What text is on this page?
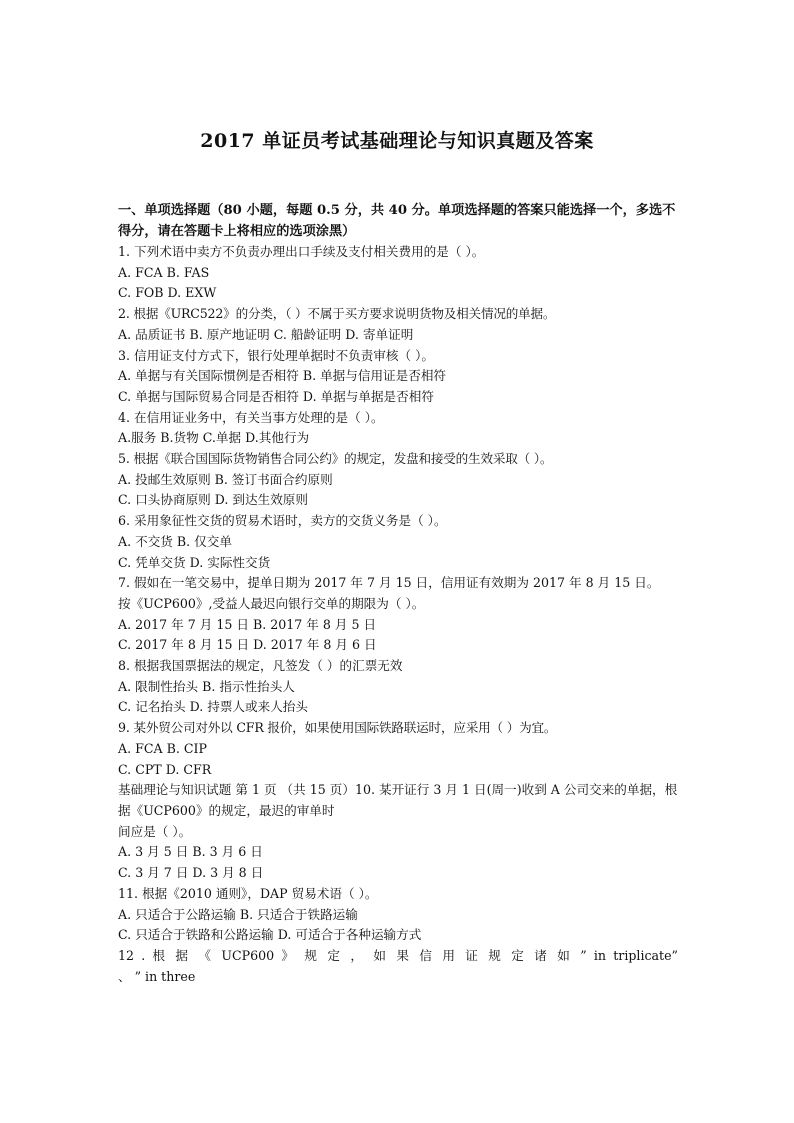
2017 单证员考试基础理论与知识真题及答案

一、单项选择题（80 小题，每题 0.5 分，共 40 分。单项选择题的答案只能选择一个，多选不得分，请在答题卡上将相应的选项涂黑）

1. 下列术语中卖方不负责办理出口手续及支付相关费用的是（ ）。

A. FCA B. FAS

C. FOB D. EXW

2. 根据《URC522》的分类，（ ）不属于买方要求说明货物及相关情况的单据。

A. 品质证书 B. 原产地证明 C. 船龄证明 D. 寄单证明

3. 信用证支付方式下，银行处理单据时不负责审核（ ）。

A. 单据与有关国际惯例是否相符 B. 单据与信用证是否相符

C. 单据与国际贸易合同是否相符 D. 单据与单据是否相符

4. 在信用证业务中，有关当事方处理的是（ ）。

A.服务 B.货物 C.单据 D.其他行为

5. 根据《联合国国际货物销售合同公约》的规定，发盘和接受的生效采取（ ）。

A. 投邮生效原则 B. 签订书面合约原则

C. 口头协商原则 D. 到达生效原则

6. 采用象征性交货的贸易术语时，卖方的交货义务是（ ）。

A. 不交货 B. 仅交单

C. 凭单交货 D. 实际性交货

7. 假如在一笔交易中，提单日期为 2017 年 7 月 15 日，信用证有效期为 2017 年 8 月 15 日。

按《UCP600》,受益人最迟向银行交单的期限为（ ）。

A. 2017 年 7 月 15 日 B. 2017 年 8 月 5 日

C. 2017 年 8 月 15 日 D. 2017 年 8 月 6 日

8. 根据我国票据法的规定，凡签发（ ）的汇票无效

A. 限制性抬头 B. 指示性抬头人

C. 记名抬头 D. 持票人或来人抬头

9. 某外贸公司对外以 CFR 报价，如果使用国际铁路联运时，应采用（ ）为宜。

A. FCA B. CIP

C. CPT D. CFR

基础理论与知识试题 第 1 页 （共 15 页）10. 某开证行 3 月 1 日(周一)收到 A 公司交来的单据，根据《UCP600》的规定，最迟的审单时

间应是（ ）。

A. 3 月 5 日 B. 3 月 6 日

C. 3 月 7 日 D. 3 月 8 日

11. 根据《2010 通则》，DAP 贸易术语（ ）。

A. 只适合于公路运输 B. 只适合于铁路运输

C. 只适合于铁路和公路运输 D. 可适合于各种运输方式

12 . 根 据 《 UCP600 》 规 定 ， 如 果 信 用 证 规 定 诸 如 ” in triplicate”

、 ” in three
